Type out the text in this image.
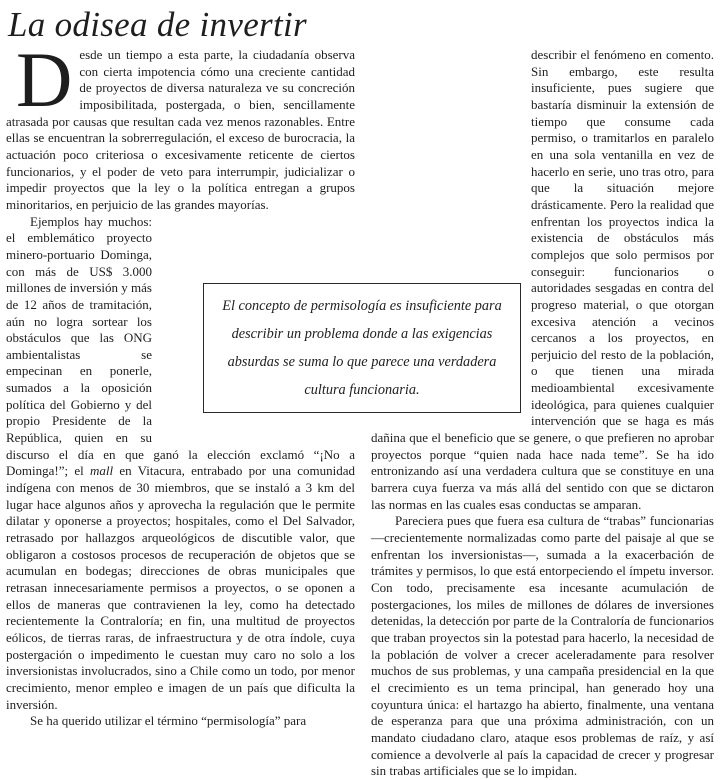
La odisea de invertir

Desde un tiempo a esta parte, la ciudadanía observa con cierta impotencia cómo una creciente cantidad de proyectos de diversa naturaleza ve su concreción imposibilitada, postergada, o bien, sencillamente atrasada por causas que resultan cada vez menos razonables. Entre ellas se encuentran la sobrerregulación, el exceso de burocracia, la actuación poco criteriosa o excesivamente reticente de ciertos funcionarios, y el poder de veto para interrumpir, judicializar o impedir proyectos que la ley o la política entregan a grupos minoritarios, en perjuicio de las grandes mayorías.

Ejemplos hay muchos: el emblemático proyecto minero-portuario Dominga, con más de US$ 3.000 millones de inversión y más de 12 años de tramitación, aún no logra sortear los obstáculos que las ONG ambientalistas se empecinan en ponerle, sumados a la oposición política del Gobierno y del propio Presidente de la República, quien en su discurso el día en que ganó la elección exclamó “¡No a Dominga!”; el mall en Vitacura, entrabado por una comunidad indígena con menos de 30 miembros, que se instaló a 3 km del lugar hace algunos años y aprovecha la regulación que le permite dilatar y oponerse a proyectos; hospitales, como el Del Salvador, retrasado por hallazgos arqueológicos de discutible valor, que obligaron a costosos procesos de recuperación de objetos que se acumulan en bodegas; direcciones de obras municipales que retrasan innecesariamente permisos a proyectos, o se oponen a ellos de maneras que contravienen la ley, como ha detectado recientemente la Contraloría; en fin, una multitud de proyectos eólicos, de tierras raras, de infraestructura y de otra índole, cuya postergación o impedimento le cuestan muy caro no solo a los inversionistas involucrados, sino a Chile como un todo, por menor crecimiento, menor empleo e imagen de un país que dificulta la inversión.

Se ha querido utilizar el término “permisología” para

describir el fenómeno en comento. Sin embargo, este resulta insuficiente, pues sugiere que bastaría disminuir la extensión de tiempo que consume cada permiso, o tramitarlos en paralelo en una sola ventanilla en vez de hacerlo en serie, uno tras otro, para que la situación mejore drásticamente. Pero la realidad que enfrentan los proyectos indica la existencia de obstáculos más complejos que solo permisos por conseguir: funcionarios o autoridades sesgadas en contra del progreso material, o que otorgan excesiva atención a vecinos cercanos a los proyectos, en perjuicio del resto de la población, o que tienen una mirada medioambiental excesivamente ideológica, para quienes cualquier intervención que se haga es más dañina que el beneficio que se genere, o que prefieren no aprobar proyectos porque “quien nada hace nada teme”. Se ha ido entronizando así una verdadera cultura que se constituye en una barrera cuya fuerza va más allá del sentido con que se dictaron las normas en las cuales esas conductas se amparan.

Pareciera pues que fuera esa cultura de “trabas” funcionarias —crecientemente normalizadas como parte del paisaje al que se enfrentan los inversionistas—, sumada a la exacerbación de trámites y permisos, lo que está entorpeciendo el ímpetu inversor. Con todo, precisamente esa incesante acumulación de postergaciones, los miles de millones de dólares de inversiones detenidas, la detección por parte de la Contraloría de funcionarios que traban proyectos sin la potestad para hacerlo, la necesidad de la población de volver a crecer aceleradamente para resolver muchos de sus problemas, y una campaña presidencial en la que el crecimiento es un tema principal, han generado hoy una coyuntura única: el hartazgo ha abierto, finalmente, una ventana de esperanza para que una próxima administración, con un mandato ciudadano claro, ataque esos problemas de raíz, y así comience a devolverle al país la capacidad de crecer y progresar sin trabas artificiales que se lo impidan.

El concepto de permisología es insuficiente para describir un problema donde a las exigencias absurdas se suma lo que parece una verdadera cultura funcionaria.
